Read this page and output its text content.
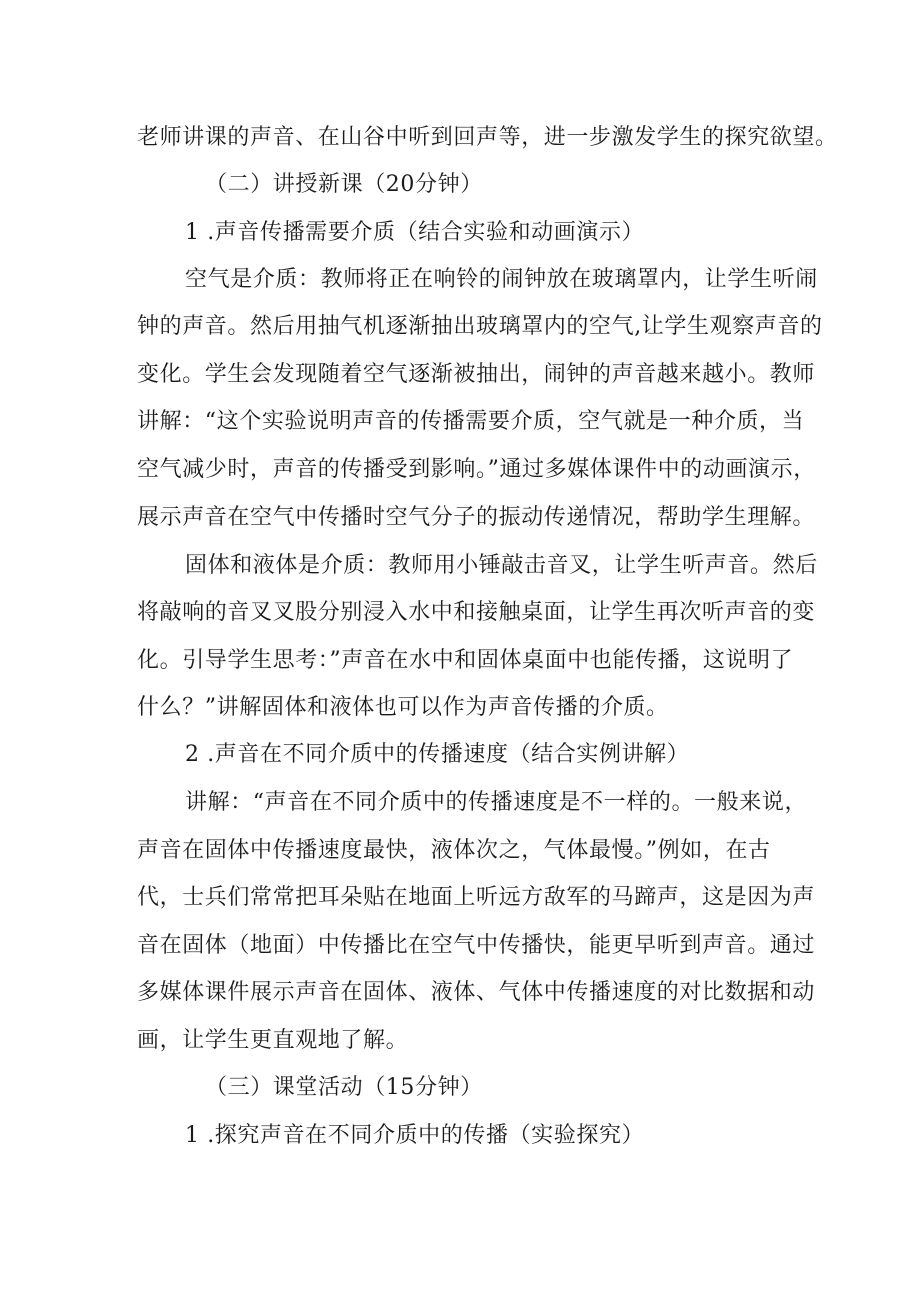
老师讲课的声音、在山谷中听到回声等，进一步激发学生的探究欲望。
（二）讲授新课（20分钟）
1 .声音传播需要介质（结合实验和动画演示）
空气是介质：教师将正在响铃的闹钟放在玻璃罩内，让学生听闹
钟的声音。然后用抽气机逐渐抽出玻璃罩内的空气,让学生观察声音的
变化。学生会发现随着空气逐渐被抽出，闹钟的声音越来越小。教师
讲解：“这个实验说明声音的传播需要介质，空气就是一种介质，当
空气减少时，声音的传播受到影响。”通过多媒体课件中的动画演示，
展示声音在空气中传播时空气分子的振动传递情况，帮助学生理解。
固体和液体是介质：教师用小锤敲击音叉，让学生听声音。然后
将敲响的音叉叉股分别浸入水中和接触桌面，让学生再次听声音的变
化。引导学生思考：”声音在水中和固体桌面中也能传播，这说明了
什么？”讲解固体和液体也可以作为声音传播的介质。
2 .声音在不同介质中的传播速度（结合实例讲解）
讲解：“声音在不同介质中的传播速度是不一样的。一般来说，
声音在固体中传播速度最快，液体次之，气体最慢。”例如，在古
代，士兵们常常把耳朵贴在地面上听远方敌军的马蹄声，这是因为声
音在固体（地面）中传播比在空气中传播快，能更早听到声音。通过
多媒体课件展示声音在固体、液体、气体中传播速度的对比数据和动
画，让学生更直观地了解。
（三）课堂活动（15分钟）
1 .探究声音在不同介质中的传播（实验探究）
